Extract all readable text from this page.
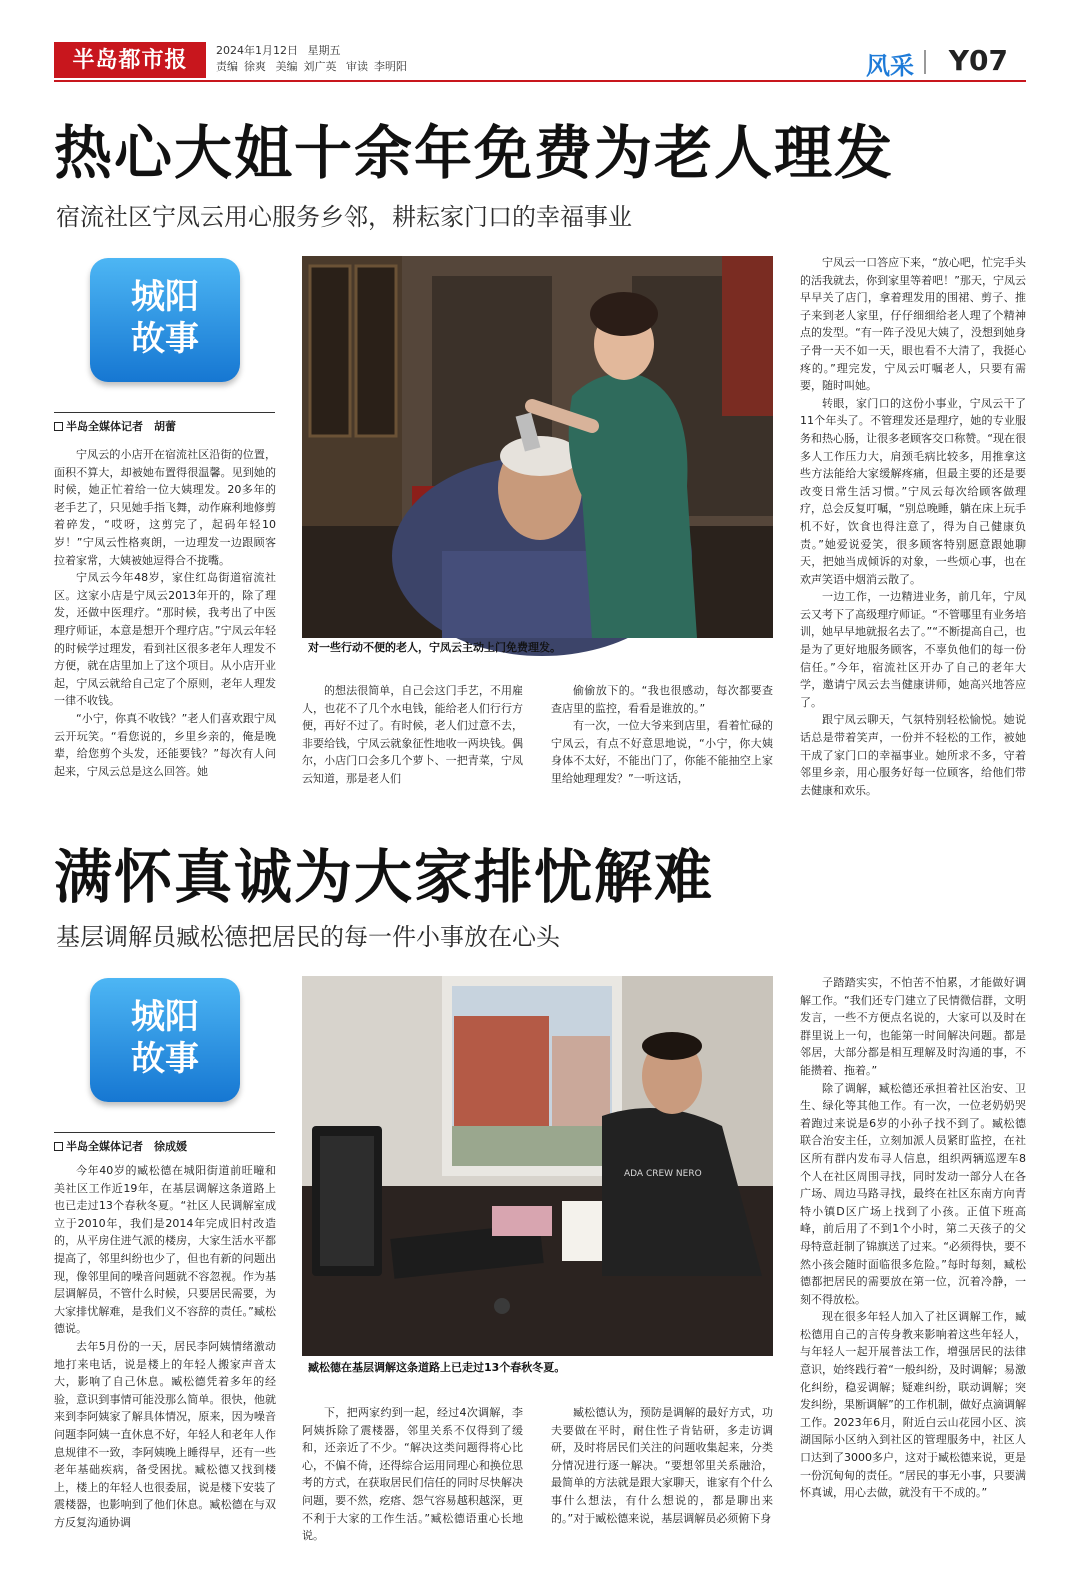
半岛都市报	2024年1月12日 星期五
责编 徐爽 美编 刘广英 审读 李明阳	风采 Y07
热心大姐十余年免费为老人理发
宿流社区宁凤云用心服务乡邻，耕耘家门口的幸福事业
城阳
故事
半岛全媒体记者　胡蕾

宁凤云的小店开在宿流社区沿街的位置，面积不算大，却被她布置得很温馨。见到她的时候，她正忙着给一位大姨理发。20多年的老手艺了，只见她手指飞舞，动作麻利地修剪着碎发，“哎呀，这剪完了，起码年轻10岁！”宁凤云性格爽朗，一边理发一边跟顾客拉着家常，大姨被她逗得合不拢嘴。

宁凤云今年48岁，家住红岛街道宿流社区。这家小店是宁凤云2013年开的，除了理发，还做中医理疗。“那时候，我考出了中医理疗师证，本意是想开个理疗店。”宁凤云年轻的时候学过理发，看到社区很多老年人理发不方便，就在店里加上了这个项目。从小店开业起，宁凤云就给自己定了个原则，老年人理发一律不收钱。

“小宁，你真不收钱？”老人们喜欢跟宁凤云开玩笑。“看您说的，乡里乡亲的，俺是晚辈，给您剪个头发，还能要钱？”每次有人问起来，宁凤云总是这么回答。她

对一些行动不便的老人，宁凤云主动上门免费理发。

的想法很简单，自己会这门手艺，不用雇人，也花不了几个水电钱，能给老人们行行方便，再好不过了。有时候，老人们过意不去，非要给钱，宁凤云就象征性地收一两块钱。偶尔，小店门口会多几个萝卜、一把青菜，宁凤云知道，那是老人们

偷偷放下的。“我也很感动，每次都要查查店里的监控，看看是谁放的。”

有一次，一位大爷来到店里，看着忙碌的宁凤云，有点不好意思地说，“小宁，你大姨身体不太好，不能出门了，你能不能抽空上家里给她理理发？”一听这话，

宁凤云一口答应下来，“放心吧，忙完手头的活我就去，你到家里等着吧！”那天，宁凤云早早关了店门，拿着理发用的围裙、剪子、推子来到老人家里，仔仔细细给老人理了个精神点的发型。“有一阵子没见大姨了，没想到她身子骨一天不如一天，眼也看不大清了，我挺心疼的。”理完发，宁凤云叮嘱老人，只要有需要，随时叫她。

转眼，家门口的这份小事业，宁凤云干了11个年头了。不管理发还是理疗，她的专业服务和热心肠，让很多老顾客交口称赞。“现在很多人工作压力大，肩颈毛病比较多，用推拿这些方法能给大家缓解疼痛，但最主要的还是要改变日常生活习惯。”宁凤云每次给顾客做理疗，总会反复叮嘱，“别总晚睡，躺在床上玩手机不好，饮食也得注意了，得为自己健康负责。”她爱说爱笑，很多顾客特别愿意跟她聊天，把她当成倾诉的对象，一些烦心事，也在欢声笑语中烟消云散了。

一边工作，一边精进业务，前几年，宁凤云又考下了高级理疗师证。“不管哪里有业务培训，她早早地就报名去了。”“不断提高自己，也是为了更好地服务顾客，不辜负他们的每一份信任。”今年，宿流社区开办了自己的老年大学，邀请宁凤云去当健康讲师，她高兴地答应了。

跟宁凤云聊天，气氛特别轻松愉悦。她说话总是带着笑声，一份并不轻松的工作，被她干成了家门口的幸福事业。她所求不多，守着邻里乡亲，用心服务好每一位顾客，给他们带去健康和欢乐。

满怀真诚为大家排忧解难
基层调解员臧松德把居民的每一件小事放在心头
城阳
故事
半岛全媒体记者　徐成媛

今年40岁的臧松德在城阳街道前旺疃和美社区工作近19年，在基层调解这条道路上也已走过13个春秋冬夏。“社区人民调解室成立于2010年，我们是2014年完成旧村改造的，从平房住进气派的楼房，大家生活水平都提高了，邻里纠纷也少了，但也有新的问题出现，像邻里间的噪音问题就不容忽视。作为基层调解员，不管什么时候，只要居民需要，为大家排忧解难，是我们义不容辞的责任。”臧松德说。

去年5月份的一天，居民李阿姨情绪激动地打来电话，说是楼上的年轻人搬家声音太大，影响了自己休息。臧松德凭着多年的经验，意识到事情可能没那么简单。很快，他就来到李阿姨家了解具体情况，原来，因为噪音问题李阿姨一直休息不好，年轻人和老年人作息规律不一致，李阿姨晚上睡得早，还有一些老年基础疾病，备受困扰。臧松德又找到楼上，楼上的年轻人也很委屈，说是楼下安装了震楼器，也影响到了他们休息。臧松德在与双方反复沟通协调

ADA CREW NERO
臧松德在基层调解这条道路上已走过13个春秋冬夏。

下，把两家约到一起，经过4次调解，李阿姨拆除了震楼器，邻里关系不仅得到了缓和，还亲近了不少。“解决这类问题得将心比心，不偏不倚，还得综合运用同理心和换位思考的方式，在获取居民们信任的同时尽快解决问题，要不然，疙瘩、怨气容易越积越深，更不利于大家的工作生活。”臧松德语重心长地说。

臧松德认为，预防是调解的最好方式，功夫要做在平时，耐住性子肯钻研，多走访调研，及时将居民们关注的问题收集起来，分类分情况进行逐一解决。“要想邻里关系融洽，最简单的方法就是跟大家聊天，谁家有个什么事什么想法，有什么想说的，都是聊出来的。”对于臧松德来说，基层调解员必须俯下身

子踏踏实实，不怕苦不怕累，才能做好调解工作。“我们还专门建立了民情微信群，文明发言，一些不方便点名说的，大家可以及时在群里说上一句，也能第一时间解决问题。都是邻居，大部分都是相互理解及时沟通的事，不能攒着、拖着。”

除了调解，臧松德还承担着社区治安、卫生、绿化等其他工作。有一次，一位老奶奶哭着跑过来说是6岁的小孙子找不到了。臧松德联合治安主任，立刻加派人员紧盯监控，在社区所有群内发布寻人信息，组织两辆巡逻车8个人在社区周围寻找，同时发动一部分人在各广场、周边马路寻找，最终在社区东南方向青特小镇D区广场上找到了小孩。正值下班高峰，前后用了不到1个小时，第二天孩子的父母特意赶制了锦旗送了过来。“必须得快，要不然小孩会随时面临很多危险。”每时每刻，臧松德都把居民的需要放在第一位，沉着冷静，一刻不得放松。

现在很多年轻人加入了社区调解工作，臧松德用自己的言传身教来影响着这些年轻人，与年轻人一起开展普法工作，增强居民的法律意识，始终践行着“一般纠纷，及时调解；易激化纠纷，稳妥调解；疑难纠纷，联动调解；突发纠纷，果断调解”的工作机制，做好点滴调解工作。2023年6月，附近白云山花园小区、滨湖国际小区纳入到社区的管理服务中，社区人口达到了3000多户，这对于臧松德来说，更是一份沉甸甸的责任。“居民的事无小事，只要满怀真诚，用心去做，就没有干不成的。”
